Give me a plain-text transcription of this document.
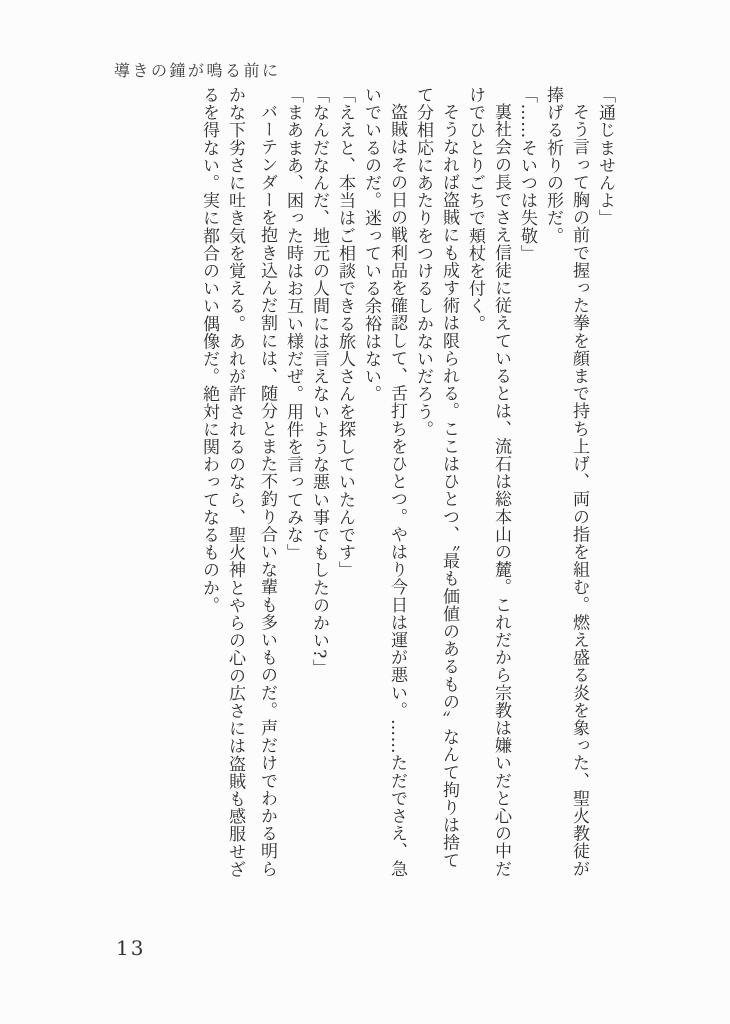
導きの鐘が鳴る前に

「通じませんよ」

そう言って胸の前で握った拳を顔まで持ち上げ、両の指を組む。燃え盛る炎を象った、聖火教徒が

捧げる祈りの形だ。

「……そいつは失敬」

裏社会の長でさえ信徒に従えているとは、流石は総本山の麓。これだから宗教は嫌いだと心の中だ

けでひとりごちで頬杖を付く。

そうなれば盗賊にも成す術は限られる。ここはひとつ、〝最も価値のあるもの〟なんて拘りは捨て

て分相応にあたりをつけるしかないだろう。

盗賊はその日の戦利品を確認して、舌打ちをひとつ。やはり今日は運が悪い。……ただでさえ、急

いでいるのだ。迷っている余裕はない。

「ええと、本当はご相談できる旅人さんを探していたんです」

「なんだなんだ、地元の人間には言えないような悪い事でもしたのかい?」

「まあまあ、困った時はお互い様だぜ。用件を言ってみな」

バーテンダーを抱き込んだ割には、随分とまた不釣り合いな輩も多いものだ。声だけでわかる明ら

かな下劣さに吐き気を覚える。あれが許されるのなら、聖火神とやらの心の広さには盗賊も感服せざ

るを得ない。実に都合のいい偶像だ。絶対に関わってなるものか。

13
